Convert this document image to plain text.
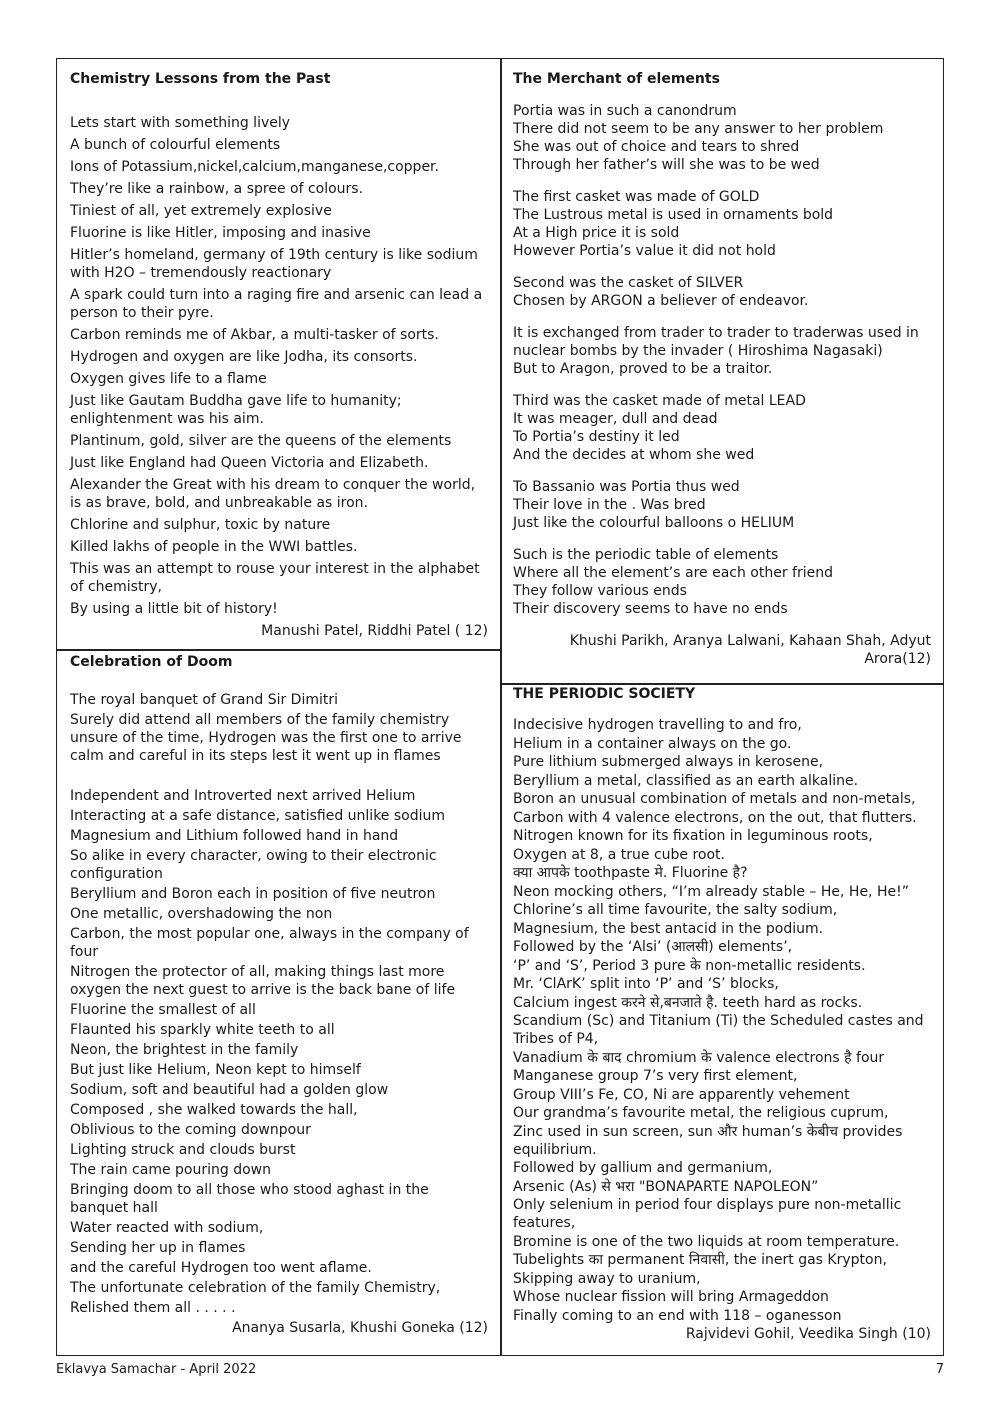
Chemistry Lessons from the Past

Lets start with something lively

A bunch of colourful elements

Ions of Potassium,nickel,calcium,manganese,copper.

They’re like a rainbow, a spree of colours.

Tiniest of all, yet extremely explosive

Fluorine is like Hitler, imposing and inasive

Hitler’s homeland, germany of 19th century is like sodium with H2O – tremendously reactionary

A spark could turn into a raging fire and arsenic can lead a person to their pyre.

Carbon reminds me of Akbar, a multi-tasker of sorts.

Hydrogen and oxygen are like Jodha, its consorts.

Oxygen gives life to a flame

Just like Gautam Buddha gave life to humanity; enlightenment was his aim.

Plantinum, gold, silver are the queens of the elements

Just like England had Queen Victoria and Elizabeth.

Alexander the Great with his dream to conquer the world, is as brave, bold, and unbreakable as iron.

Chlorine and sulphur, toxic by nature

Killed lakhs of people in the WWI battles.

This was an attempt to rouse your interest in the alphabet of chemistry,

By using a little bit of history!

Manushi Patel, Riddhi Patel ( 12)
The Merchant of elements

Portia was in such a canondrum

There did not seem to be any answer to her problem

She was out of choice and tears to shred

Through her father’s will she was to be wed

The first casket was made of GOLD

The Lustrous metal is used in ornaments bold

At a High price it is sold

However Portia’s value it did not hold

Second was the casket of SILVER

Chosen by ARGON a believer of endeavor.

It is exchanged from trader to trader to traderwas used in nuclear bombs by the invader ( Hiroshima Nagasaki)

But to Aragon, proved to be a traitor.

Third was the casket made of metal LEAD

It was meager, dull and dead

To Portia’s destiny it led

And the decides at whom she wed

To Bassanio was Portia thus wed

Their love in the . Was bred

Just like the colourful balloons o HELIUM

Such is the periodic table of elements

Where all the element’s are each other friend

They follow various ends

Their discovery seems to have no ends

Khushi Parikh, Aranya Lalwani, Kahaan Shah, Adyut Arora(12)
Celebration of Doom

The royal banquet of Grand Sir Dimitri

Surely did attend all members of the family chemistry unsure of the time, Hydrogen was the first one to arrive calm and careful in its steps lest it went up in flames

Independent and Introverted next arrived Helium

Interacting at a safe distance, satisfied unlike sodium

Magnesium and Lithium followed hand in hand

So alike in every character, owing to their electronic configuration

Beryllium and Boron each in position of five neutron

One metallic, overshadowing the non

Carbon, the most popular one, always in the company of four

Nitrogen the protector of all, making things last more oxygen the next guest to arrive is the back bane of life

Fluorine the smallest of all

Flaunted his sparkly white teeth to all

Neon, the brightest in the family

But just like Helium, Neon kept to himself

Sodium, soft and beautiful had a golden glow

Composed , she walked towards the hall,

Oblivious to the coming downpour

Lighting struck and clouds burst

The rain came pouring down

Bringing doom to all those who stood aghast in the banquet hall

Water reacted with sodium,

Sending her up in flames

and the careful Hydrogen too went aflame.

The unfortunate celebration of the family Chemistry,

Relished them all . . . . .

Ananya Susarla, Khushi Goneka (12)
THE PERIODIC SOCIETY

Indecisive hydrogen travelling to and fro,

Helium in a container always on the go.

Pure lithium submerged always in kerosene,

Beryllium a metal, classified as an earth alkaline.

Boron an unusual combination of metals and non-metals,

Carbon with 4 valence electrons, on the out, that flutters.

Nitrogen known for its fixation in leguminous roots,

Oxygen at 8, a true cube root.

क्या आपके toothpaste मे. Fluorine है?

Neon mocking others, “I’m already stable – He, He, He!”

Chlorine’s all time favourite, the salty sodium,

Magnesium, the best antacid in the podium.

Followed by the ‘Alsi’ (आलसी) elements’,

‘P’ and ‘S’, Period 3 pure के non-metallic residents.

Mr. ‘ClArK’ split into ‘P’ and ‘S’ blocks,

Calcium ingest करने से,बनजाते है. teeth hard as rocks.

Scandium (Sc) and Titanium (Ti) the Scheduled castes and Tribes of P4,

Vanadium के बाद chromium के valence electrons है four

Manganese group 7’s very first element,

Group VIII’s Fe, CO, Ni are apparently vehement

Our grandma’s favourite metal, the religious cuprum,

Zinc used in sun screen, sun और human’s केबीच provides equilibrium.

Followed by gallium and germanium,

Arsenic (As) से भरा "BONAPARTE NAPOLEON”

Only selenium in period four displays pure non-metallic features,

Bromine is one of the two liquids at room temperature.

Tubelights का permanent निवासी, the inert gas Krypton,

Skipping away to uranium,

Whose nuclear fission will bring Armageddon

Finally coming to an end with 118 – oganesson

Rajvidevi Gohil, Veedika Singh (10)
Eklavya Samachar - April 2022	7
